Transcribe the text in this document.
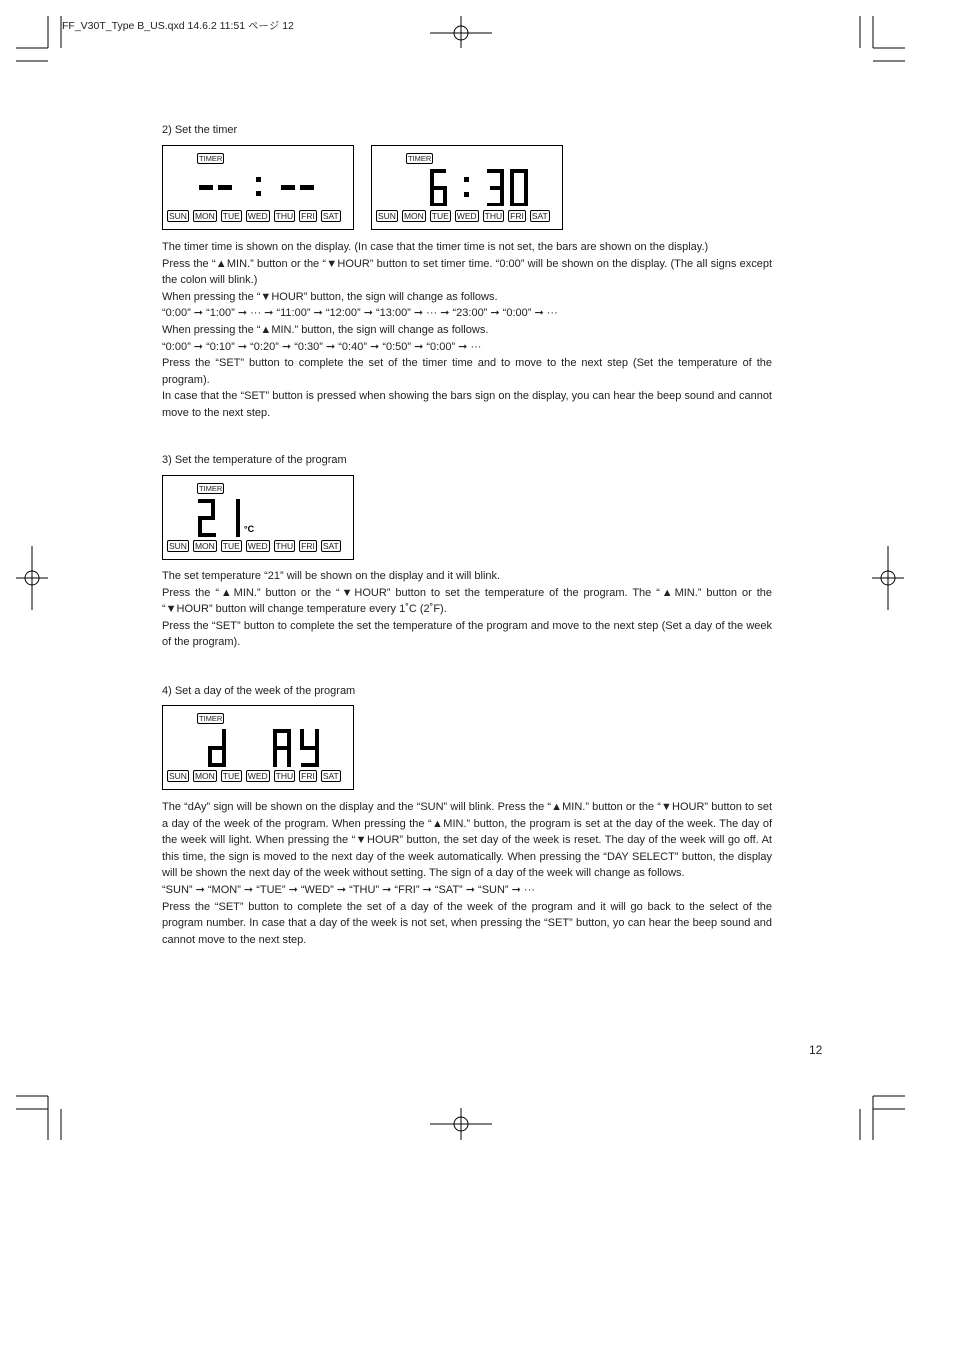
FF_V30T_Type B_US.qxd 14.6.2 11:51 ページ 12
2) Set the timer
TIMER
SUN MON TUE WED THU FRI SAT
TIMER
SUN MON TUE WED THU FRI SAT

The timer time is shown on the display. (In case that the timer time is not set, the bars are shown on the display.)

Press the “▲MIN.” button or the “▼HOUR” button to set timer time. “0:00” will be shown on the display. (The all signs except the colon will blink.)

When pressing the “▼HOUR” button, the sign will change as follows.

“0:00” ➞ “1:00” ➞ ··· ➞ “11:00” ➞ “12:00” ➞ “13:00” ➞ ··· ➞ “23:00” ➞ “0:00” ➞ ···

When pressing the “▲MIN.” button, the sign will change as follows.

“0:00” ➞ “0:10” ➞ “0:20” ➞ “0:30” ➞ “0:40” ➞ “0:50” ➞ “0:00” ➞ ···

Press the “SET” button to complete the set of the timer time and to move to the next step (Set the temperature of the program).

In case that the “SET” button is pressed when showing the bars sign on the display, you can hear the beep sound and cannot move to the next step.

3) Set the temperature of the program
TIMER
°C
SUN MON TUE WED THU FRI SAT

The set temperature “21” will be shown on the display and it will blink.

Press the “▲MIN.” button or the “▼HOUR” button to set the temperature of the program. The “▲MIN.” button or the “▼HOUR” button will change temperature every 1˚C (2˚F).

Press the “SET” button to complete the set the temperature of the program and move to the next step (Set a day of the week of the program).

4) Set a day of the week of the program
TIMER
SUN MON TUE WED THU FRI SAT

The “dAy” sign will be shown on the display and the “SUN” will blink. Press the “▲MIN.” button or the “▼HOUR” button to set a day of the week of the program. When pressing the “▲MIN.” button, the program is set at the day of the week. The day of the week will light. When pressing the “▼HOUR” button, the set day of the week is reset. The day of the week will go off. At this time, the sign is moved to the next day of the week automatically. When pressing the “DAY SELECT” button, the display will be shown the next day of the week without setting. The sign of a day of the week will change as follows.

“SUN” ➞ “MON” ➞ “TUE” ➞ “WED” ➞ “THU” ➞ “FRI” ➞ “SAT” ➞ “SUN” ➞ ···

Press the “SET” button to complete the set of a day of the week of the program and it will go back to the select of the program number. In case that a day of the week is not set, when pressing the “SET” button, yo can hear the beep sound and cannot move to the next step.

12
